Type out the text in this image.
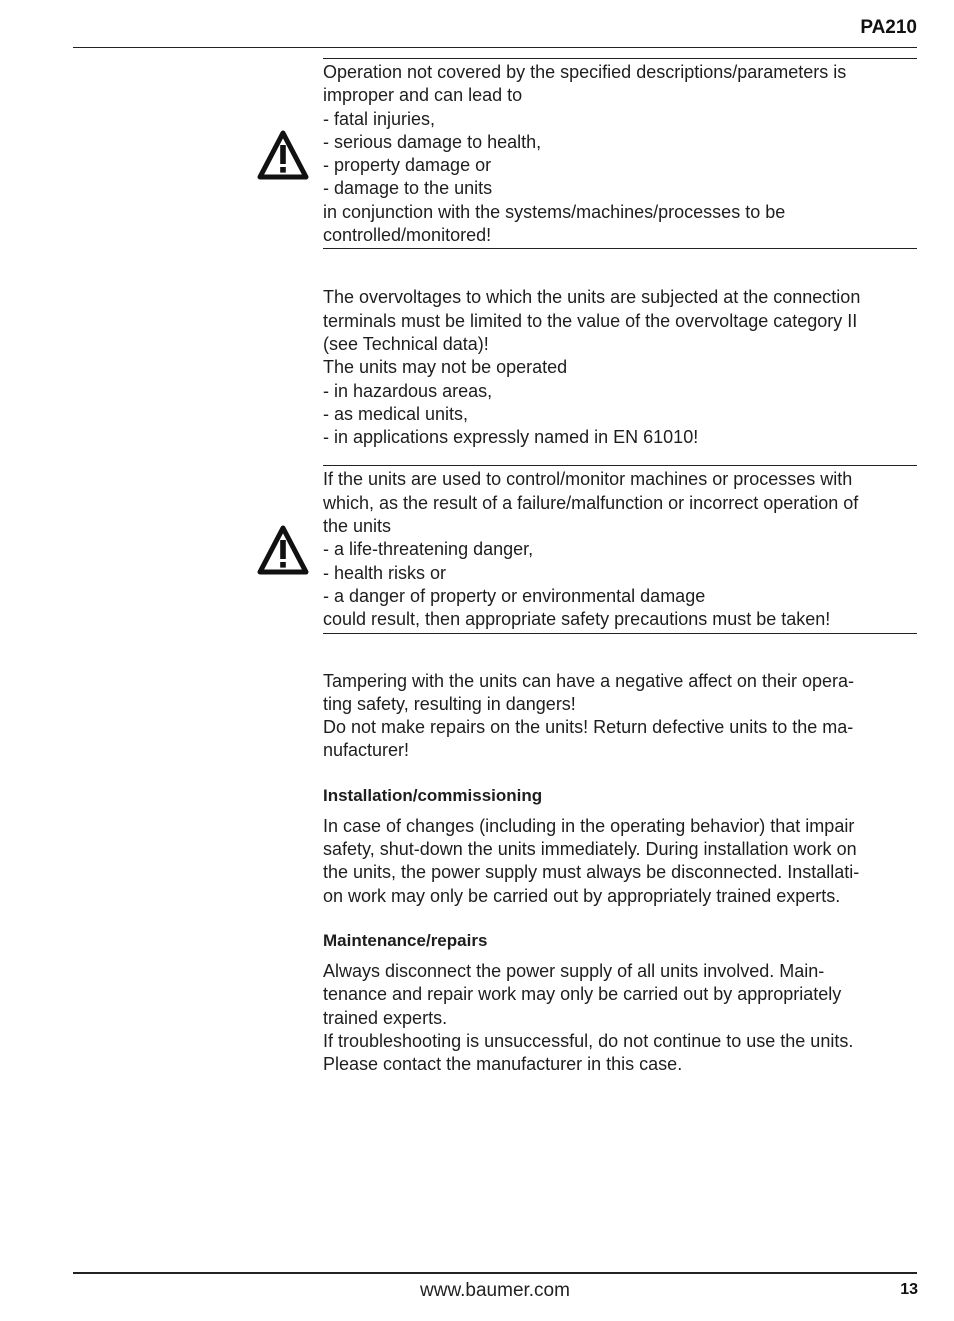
PA210

Operation not covered by the specified descriptions/parameters is
improper and can lead to
- fatal injuries,
- serious damage to health,
- property damage or
- damage to the units
in conjunction with the systems/machines/processes to be
controlled/monitored!

The overvoltages to which the units are subjected at the connection
terminals must be limited to the value of the overvoltage category II
(see Technical data)!
The units may not be operated
- in hazardous areas,
- as medical units,
- in applications expressly named in EN 61010!

If the units are used to control/monitor machines or processes with
which, as the result of a failure/malfunction or incorrect operation of
the units
- a life-threatening danger,
- health risks or
- a danger of property or environmental damage
could result, then appropriate safety precautions must be taken!

Tampering with the units can have a negative affect on their opera-
ting safety, resulting in dangers!
Do not make repairs on the units! Return defective units to the ma-
nufacturer!

Installation/commissioning

In case of changes (including in the operating behavior) that impair
safety, shut-down the units immediately. During installation work on
the units, the power supply must always be disconnected. Installati-
on work may only be carried out by appropriately trained experts.

Maintenance/repairs

Always disconnect the power supply of all units involved. Main-
tenance and repair work may only be carried out by appropriately
trained experts.
If troubleshooting is unsuccessful, do not continue to use the units.
Please contact the manufacturer in this case.

www.baumer.com	13
